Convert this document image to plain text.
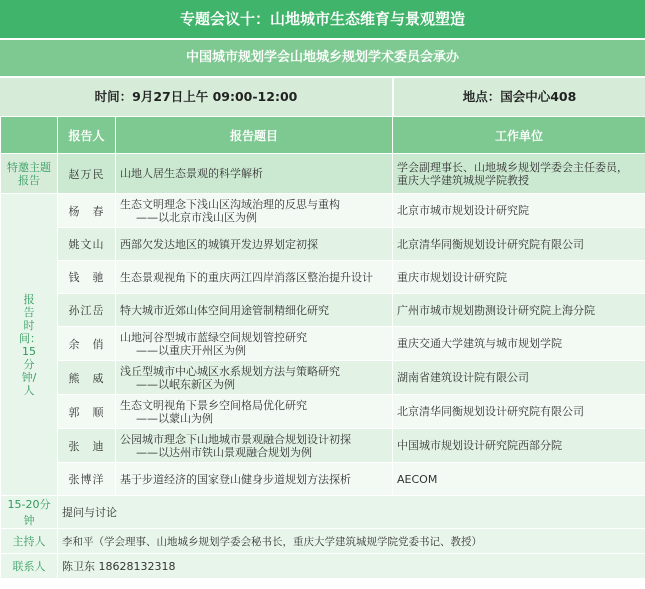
专题会议十：山地城市生态维育与景观塑造
中国城市规划学会山地城乡规划学术委员会承办
时间：9月27日上午 09:00-12:00	地点：国会中心408
	报告人	报告题目	工作单位
特邀主题报告	赵万民	山地人居生态景观的科学解析	学会副理事长、山地城乡规划学委会主任委员，
重庆大学建筑城规学院教授

报告时间：15分钟/人	杨　春	生态文明理念下浅山区沟域治理的反思与重构
——以北京市浅山区为例	北京市城市规划设计研究院
	姚文山	西部欠发达地区的城镇开发边界划定初探	北京清华同衡规划设计研究院有限公司
	钱　驰	生态景观视角下的重庆两江四岸消落区整治提升设计	重庆市规划设计研究院
	孙江岳	特大城市近郊山体空间用途管制精细化研究	广州市城市规划勘测设计研究院上海分院
	余　俏	山地河谷型城市蓝绿空间规划管控研究
——以重庆开州区为例	重庆交通大学建筑与城市规划学院
	熊　威	浅丘型城市中心城区水系规划方法与策略研究
——以岷东新区为例	湖南省建筑设计院有限公司
	郭　顺	生态文明视角下景乡空间格局优化研究
——以蒙山为例	北京清华同衡规划设计研究院有限公司
	张　迪	公园城市理念下山地城市景观融合规划设计初探
——以达州市铁山景观融合规划为例	中国城市规划设计研究院西部分院
	张博洋	基于步道经济的国家登山健身步道规划方法探析	AECOM
15-20分钟	提问与讨论		
主持人	李和平（学会理事、山地城乡规划学委会秘书长，重庆大学建筑城规学院党委书记、教授）		
联系人	陈卫东 18628132318		
